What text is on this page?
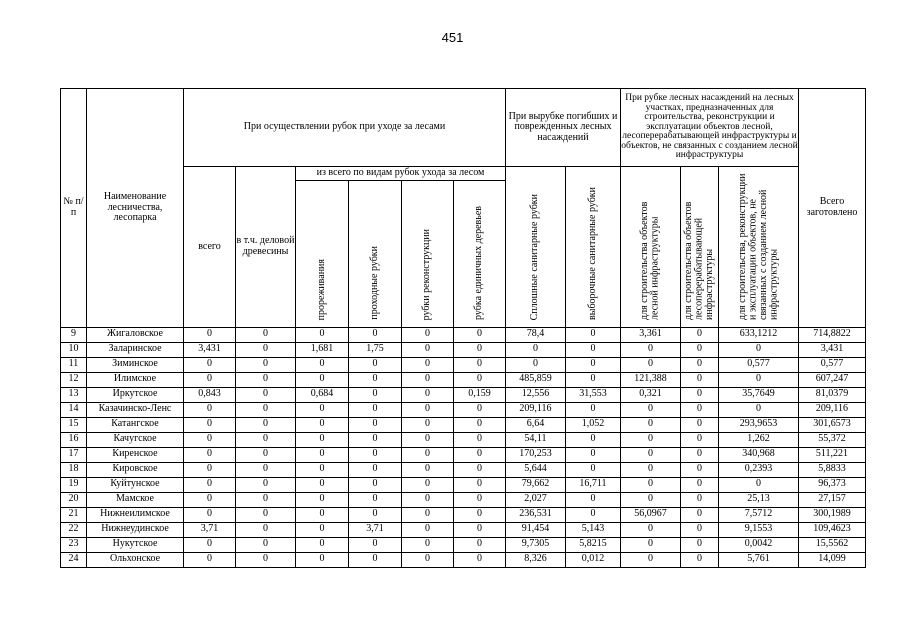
451
№ п/п	Наименование лесничества, лесопарка	При осуществлении рубок при уходе за лесами						При вырубке погибших и поврежденных лесных насаждений		При рубке лесных насаждений на лесных участках, предназначенных для строительства, реконструкции и эксплуатации объектов лесной, лесоперерабатывающей инфраструктуры и объектов, не связанных с созданием лесной инфраструктуры			Всего заготовлено
		всего	в т.ч. деловой древесины	из всего по видам рубок ухода за лесом				Сплошные санитарные рубки	выборочные санитарные рубки	для строительства объектов лесной инфраструктуры	для строительства объектов лесоперерабатывающей инфраструктуры	для строительства, реконструкции и эксплуатации объектов, не связанных с созданием лесной инфраструктуры	
				прореживания	проходные рубки	рубки реконструкции	рубка единичных деревьев						
9	Жигаловское	0	0	0	0	0	0	78,4	0	3,361	0	633,1212	714,8822
10	Заларинское	3,431	0	1,681	1,75	0	0	0	0	0	0	0	3,431
11	Зиминское	0	0	0	0	0	0	0	0	0	0	0,577	0,577
12	Илимское	0	0	0	0	0	0	485,859	0	121,388	0	0	607,247
13	Иркутское	0,843	0	0,684	0	0	0,159	12,556	31,553	0,321	0	35,7649	81,0379
14	Казачинско-Ленс	0	0	0	0	0	0	209,116	0	0	0	0	209,116
15	Катангское	0	0	0	0	0	0	6,64	1,052	0	0	293,9653	301,6573
16	Качугское	0	0	0	0	0	0	54,11	0	0	0	1,262	55,372
17	Киренское	0	0	0	0	0	0	170,253	0	0	0	340,968	511,221
18	Кировское	0	0	0	0	0	0	5,644	0	0	0	0,2393	5,8833
19	Куйтунское	0	0	0	0	0	0	79,662	16,711	0	0	0	96,373
20	Мамское	0	0	0	0	0	0	2,027	0	0	0	25,13	27,157
21	Нижнеилимское	0	0	0	0	0	0	236,531	0	56,0967	0	7,5712	300,1989
22	Нижнеудинское	3,71	0	0	3,71	0	0	91,454	5,143	0	0	9,1553	109,4623
23	Нукутское	0	0	0	0	0	0	9,7305	5,8215	0	0	0,0042	15,5562
24	Ольхонское	0	0	0	0	0	0	8,326	0,012	0	0	5,761	14,099
